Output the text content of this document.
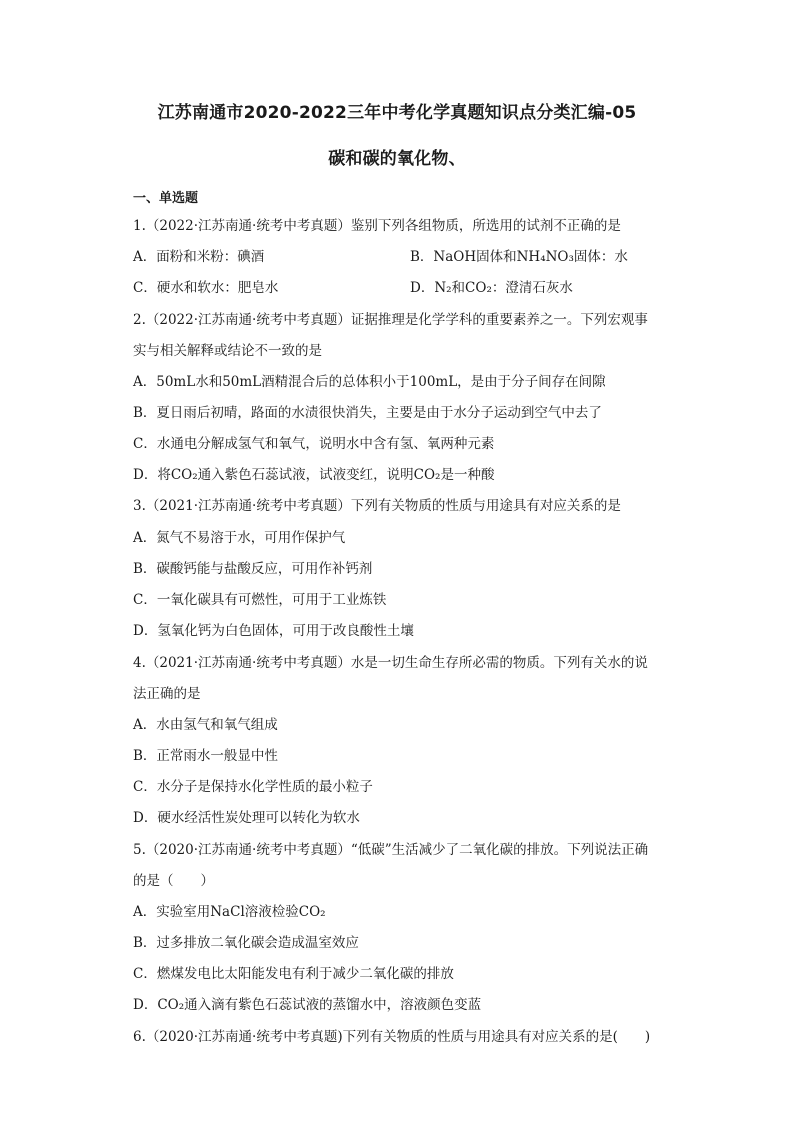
江苏南通市2020-2022三年中考化学真题知识点分类汇编-05
碳和碳的氧化物、
一、单选题
1.（2022·江苏南通·统考中考真题）鉴别下列各组物质，所选用的试剂不正确的是
A．面粉和米粉：碘酒	B．NaOH固体和NH₄NO₃固体：水
C．硬水和软水：肥皂水	D．N₂和CO₂：澄清石灰水
2.（2022·江苏南通·统考中考真题）证据推理是化学学科的重要素养之一。下列宏观事
实与相关解释或结论不一致的是
A．50mL水和50mL酒精混合后的总体积小于100mL，是由于分子间存在间隙
B．夏日雨后初晴，路面的水渍很快消失，主要是由于水分子运动到空气中去了
C．水通电分解成氢气和氧气，说明水中含有氢、氧两种元素
D．将CO₂通入紫色石蕊试液，试液变红，说明CO₂是一种酸
3.（2021·江苏南通·统考中考真题）下列有关物质的性质与用途具有对应关系的是
A．氮气不易溶于水，可用作保护气
B．碳酸钙能与盐酸反应，可用作补钙剂
C．一氧化碳具有可燃性，可用于工业炼铁
D．氢氧化钙为白色固体，可用于改良酸性土壤
4.（2021·江苏南通·统考中考真题）水是一切生命生存所必需的物质。下列有关水的说
法正确的是
A．水由氢气和氧气组成
B．正常雨水一般显中性
C．水分子是保持水化学性质的最小粒子
D．硬水经活性炭处理可以转化为软水
5.（2020·江苏南通·统考中考真题）“低碳”生活减少了二氧化碳的排放。下列说法正确
的是（　　）
A．实验室用NaCl溶液检验CO₂
B．过多排放二氧化碳会造成温室效应
C．燃煤发电比太阳能发电有利于减少二氧化碳的排放
D．CO₂通入滴有紫色石蕊试液的蒸馏水中，溶液颜色变蓝
6.（2020·江苏南通·统考中考真题)下列有关物质的性质与用途具有对应关系的是(　　)
